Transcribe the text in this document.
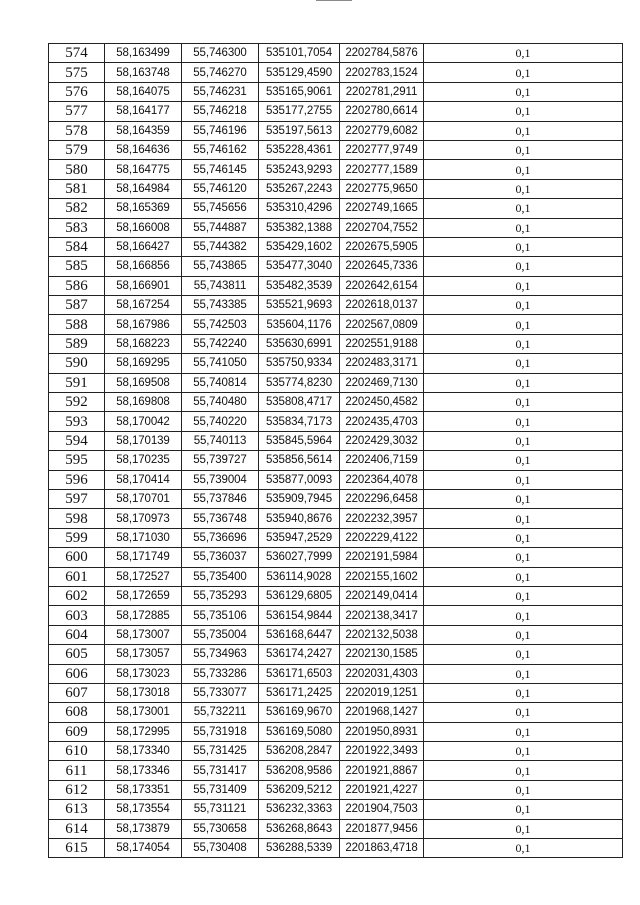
574	58,163499	55,746300	535101,7054	2202784,5876	0,1
575	58,163748	55,746270	535129,4590	2202783,1524	0,1
576	58,164075	55,746231	535165,9061	2202781,2911	0,1
577	58,164177	55,746218	535177,2755	2202780,6614	0,1
578	58,164359	55,746196	535197,5613	2202779,6082	0,1
579	58,164636	55,746162	535228,4361	2202777,9749	0,1
580	58,164775	55,746145	535243,9293	2202777,1589	0,1
581	58,164984	55,746120	535267,2243	2202775,9650	0,1
582	58,165369	55,745656	535310,4296	2202749,1665	0,1
583	58,166008	55,744887	535382,1388	2202704,7552	0,1
584	58,166427	55,744382	535429,1602	2202675,5905	0,1
585	58,166856	55,743865	535477,3040	2202645,7336	0,1
586	58,166901	55,743811	535482,3539	2202642,6154	0,1
587	58,167254	55,743385	535521,9693	2202618,0137	0,1
588	58,167986	55,742503	535604,1176	2202567,0809	0,1
589	58,168223	55,742240	535630,6991	2202551,9188	0,1
590	58,169295	55,741050	535750,9334	2202483,3171	0,1
591	58,169508	55,740814	535774,8230	2202469,7130	0,1
592	58,169808	55,740480	535808,4717	2202450,4582	0,1
593	58,170042	55,740220	535834,7173	2202435,4703	0,1
594	58,170139	55,740113	535845,5964	2202429,3032	0,1
595	58,170235	55,739727	535856,5614	2202406,7159	0,1
596	58,170414	55,739004	535877,0093	2202364,4078	0,1
597	58,170701	55,737846	535909,7945	2202296,6458	0,1
598	58,170973	55,736748	535940,8676	2202232,3957	0,1
599	58,171030	55,736696	535947,2529	2202229,4122	0,1
600	58,171749	55,736037	536027,7999	2202191,5984	0,1
601	58,172527	55,735400	536114,9028	2202155,1602	0,1
602	58,172659	55,735293	536129,6805	2202149,0414	0,1
603	58,172885	55,735106	536154,9844	2202138,3417	0,1
604	58,173007	55,735004	536168,6447	2202132,5038	0,1
605	58,173057	55,734963	536174,2427	2202130,1585	0,1
606	58,173023	55,733286	536171,6503	2202031,4303	0,1
607	58,173018	55,733077	536171,2425	2202019,1251	0,1
608	58,173001	55,732211	536169,9670	2201968,1427	0,1
609	58,172995	55,731918	536169,5080	2201950,8931	0,1
610	58,173340	55,731425	536208,2847	2201922,3493	0,1
611	58,173346	55,731417	536208,9586	2201921,8867	0,1
612	58,173351	55,731409	536209,5212	2201921,4227	0,1
613	58,173554	55,731121	536232,3363	2201904,7503	0,1
614	58,173879	55,730658	536268,8643	2201877,9456	0,1
615	58,174054	55,730408	536288,5339	2201863,4718	0,1
